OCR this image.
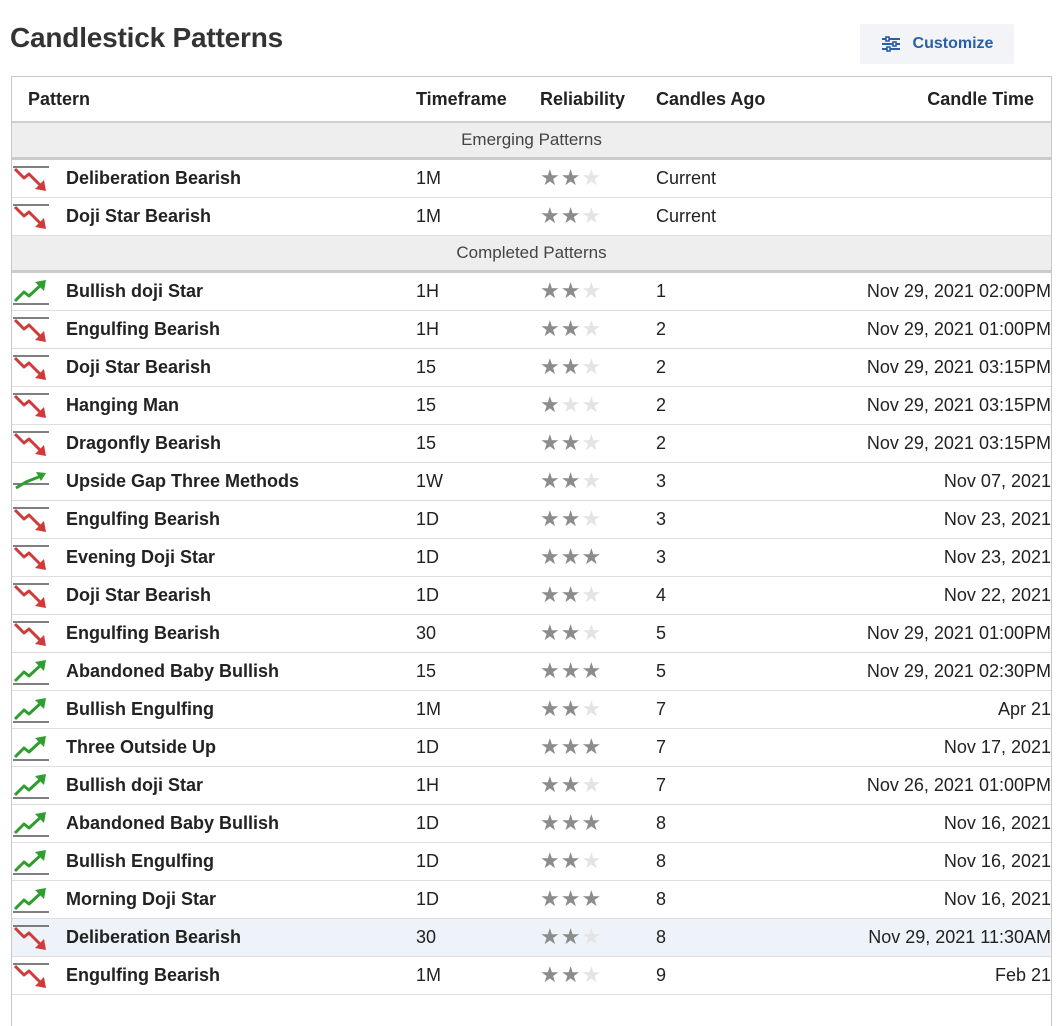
Candlestick Patterns	Customize
Pattern	Timeframe	Reliability	Candles Ago	Candle Time
Emerging Patterns				

Deliberation Bearish	1M	★ ★ ★	Current	

Doji Star Bearish	1M	★ ★ ★	Current	
Completed Patterns				

Bullish doji Star	1H	★ ★ ★	1	Nov 29, 2021 02:00PM

Engulfing Bearish	1H	★ ★ ★	2	Nov 29, 2021 01:00PM

Doji Star Bearish	15	★ ★ ★	2	Nov 29, 2021 03:15PM

Hanging Man	15	★ ★ ★	2	Nov 29, 2021 03:15PM

Dragonfly Bearish	15	★ ★ ★	2	Nov 29, 2021 03:15PM

Upside Gap Three Methods	1W	★ ★ ★	3	Nov 07, 2021

Engulfing Bearish	1D	★ ★ ★	3	Nov 23, 2021

Evening Doji Star	1D	★ ★ ★	3	Nov 23, 2021

Doji Star Bearish	1D	★ ★ ★	4	Nov 22, 2021

Engulfing Bearish	30	★ ★ ★	5	Nov 29, 2021 01:00PM

Abandoned Baby Bullish	15	★ ★ ★	5	Nov 29, 2021 02:30PM

Bullish Engulfing	1M	★ ★ ★	7	Apr 21

Three Outside Up	1D	★ ★ ★	7	Nov 17, 2021

Bullish doji Star	1H	★ ★ ★	7	Nov 26, 2021 01:00PM

Abandoned Baby Bullish	1D	★ ★ ★	8	Nov 16, 2021

Bullish Engulfing	1D	★ ★ ★	8	Nov 16, 2021

Morning Doji Star	1D	★ ★ ★	8	Nov 16, 2021

Deliberation Bearish	30	★ ★ ★	8	Nov 29, 2021 11:30AM

Engulfing Bearish	1M	★ ★ ★	9	Feb 21
